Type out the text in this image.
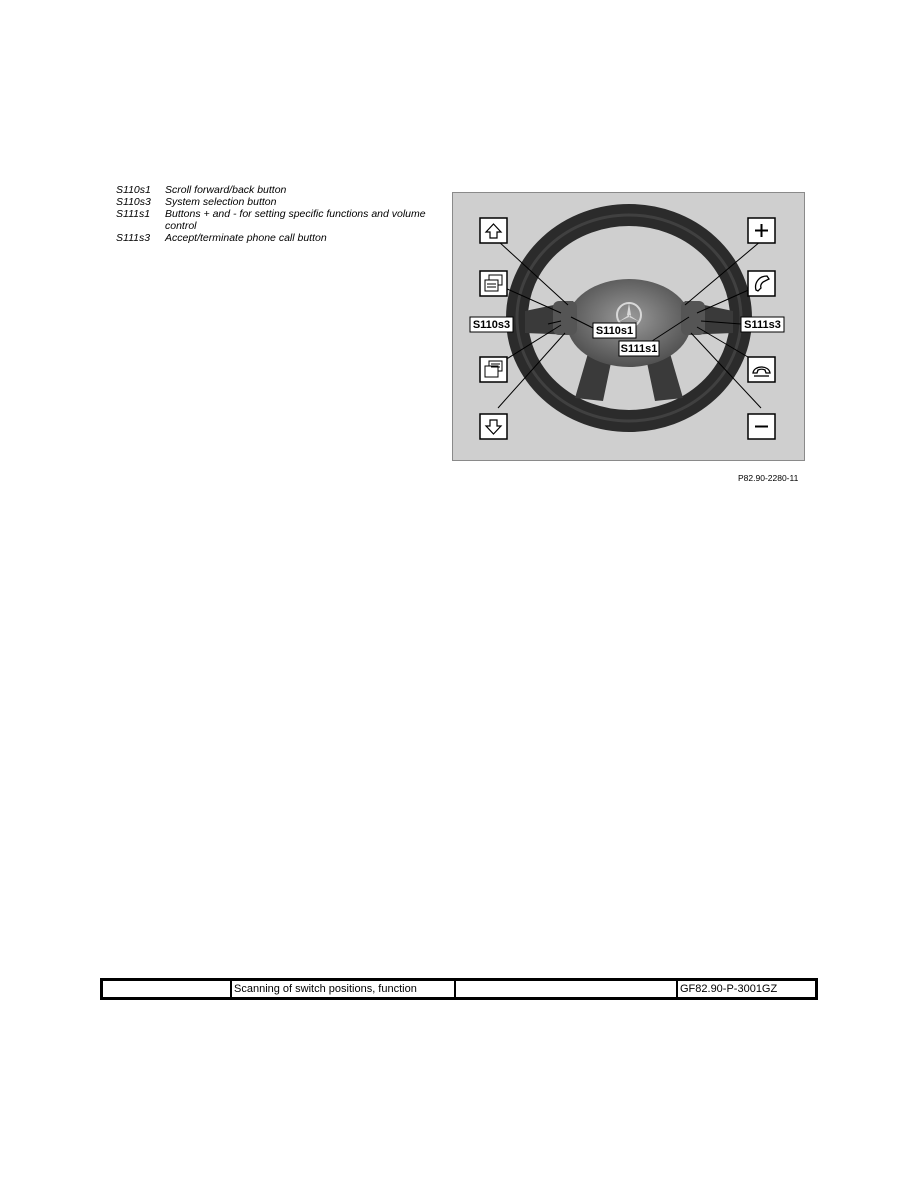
S110s1	Scroll forward/back button
S110s3	System selection button
S111s1	Buttons + and - for setting specific functions and volume control
S111s3	Accept/terminate phone call button
S110s3	S110s1
S111s1
S111s3
P82.90-2280-11
Scanning of switch positions, function	GF82.90-P-3001GZ
